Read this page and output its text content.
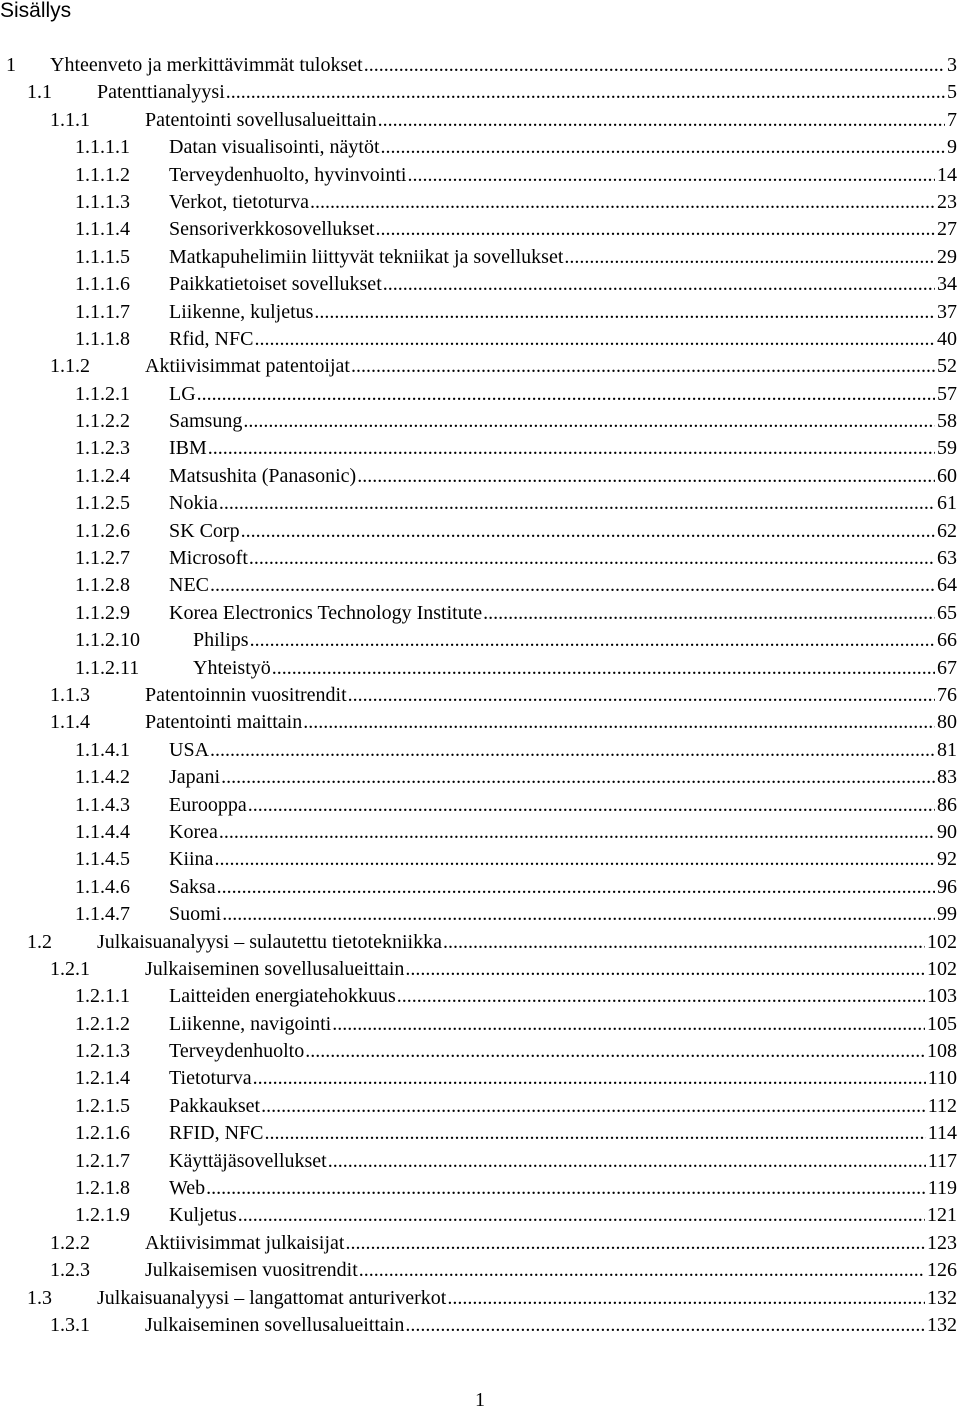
Sisällys
1 Yhteenveto ja merkittävimmät tulokset .....	3
1.1 Patenttianalyysi .....	5
1.1.1	Patentointi sovellusalueittain .....	7
1.1.1.1 Datan visualisointi, näytöt .....	9
1.1.1.2 Terveydenhuolto, hyvinvointi .....	14
1.1.1.3 Verkot, tietoturva .....	23
1.1.1.4 Sensoriverkkosovellukset .....	27
1.1.1.5 Matkapuhelimiin liittyvät tekniikat ja sovellukset .....	29
1.1.1.6 Paikkatietoiset sovellukset .....	34
1.1.1.7 Liikenne, kuljetus .....	37
1.1.1.8 Rfid, NFC .....	40
1.1.2	Aktiivisimmat patentoijat .....	52
1.1.2.1 LG .....	57
1.1.2.2 Samsung .....	58
1.1.2.3 IBM .....	59
1.1.2.4 Matsushita (Panasonic) .....	60
1.1.2.5 Nokia .....	61
1.1.2.6 SK Corp .....	62
1.1.2.7 Microsoft .....	63
1.1.2.8 NEC .....	64
1.1.2.9 Korea Electronics Technology Institute .....	65
1.1.2.10	Philips .....	66
1.1.2.11	Yhteistyö .....	67
1.1.3	Patentoinnin vuositrendit .....	76
1.1.4	Patentointi maittain .....	80
1.1.4.1 USA .....	81
1.1.4.2 Japani .....	83
1.1.4.3 Eurooppa .....	86
1.1.4.4 Korea .....	90
1.1.4.5 Kiina .....	92
1.1.4.6 Saksa .....	96
1.1.4.7 Suomi .....	99
1.2 Julkaisuanalyysi – sulautettu tietotekniikka .....	102
1.2.1	Julkaiseminen sovellusalueittain .....	102
1.2.1.1 Laitteiden energiatehokkuus .....	103
1.2.1.2 Liikenne, navigointi .....	105
1.2.1.3 Terveydenhuolto .....	108
1.2.1.4 Tietoturva .....	110
1.2.1.5 Pakkaukset .....	112
1.2.1.6 RFID, NFC .....	114
1.2.1.7 Käyttäjäsovellukset .....	117
1.2.1.8 Web .....	119
1.2.1.9 Kuljetus .....	121
1.2.2	Aktiivisimmat julkaisijat .....	123
1.2.3	Julkaisemisen vuositrendit .....	126
1.3 Julkaisuanalyysi – langattomat anturiverkot .....	132
1.3.1	Julkaiseminen sovellusalueittain .....	132
1
